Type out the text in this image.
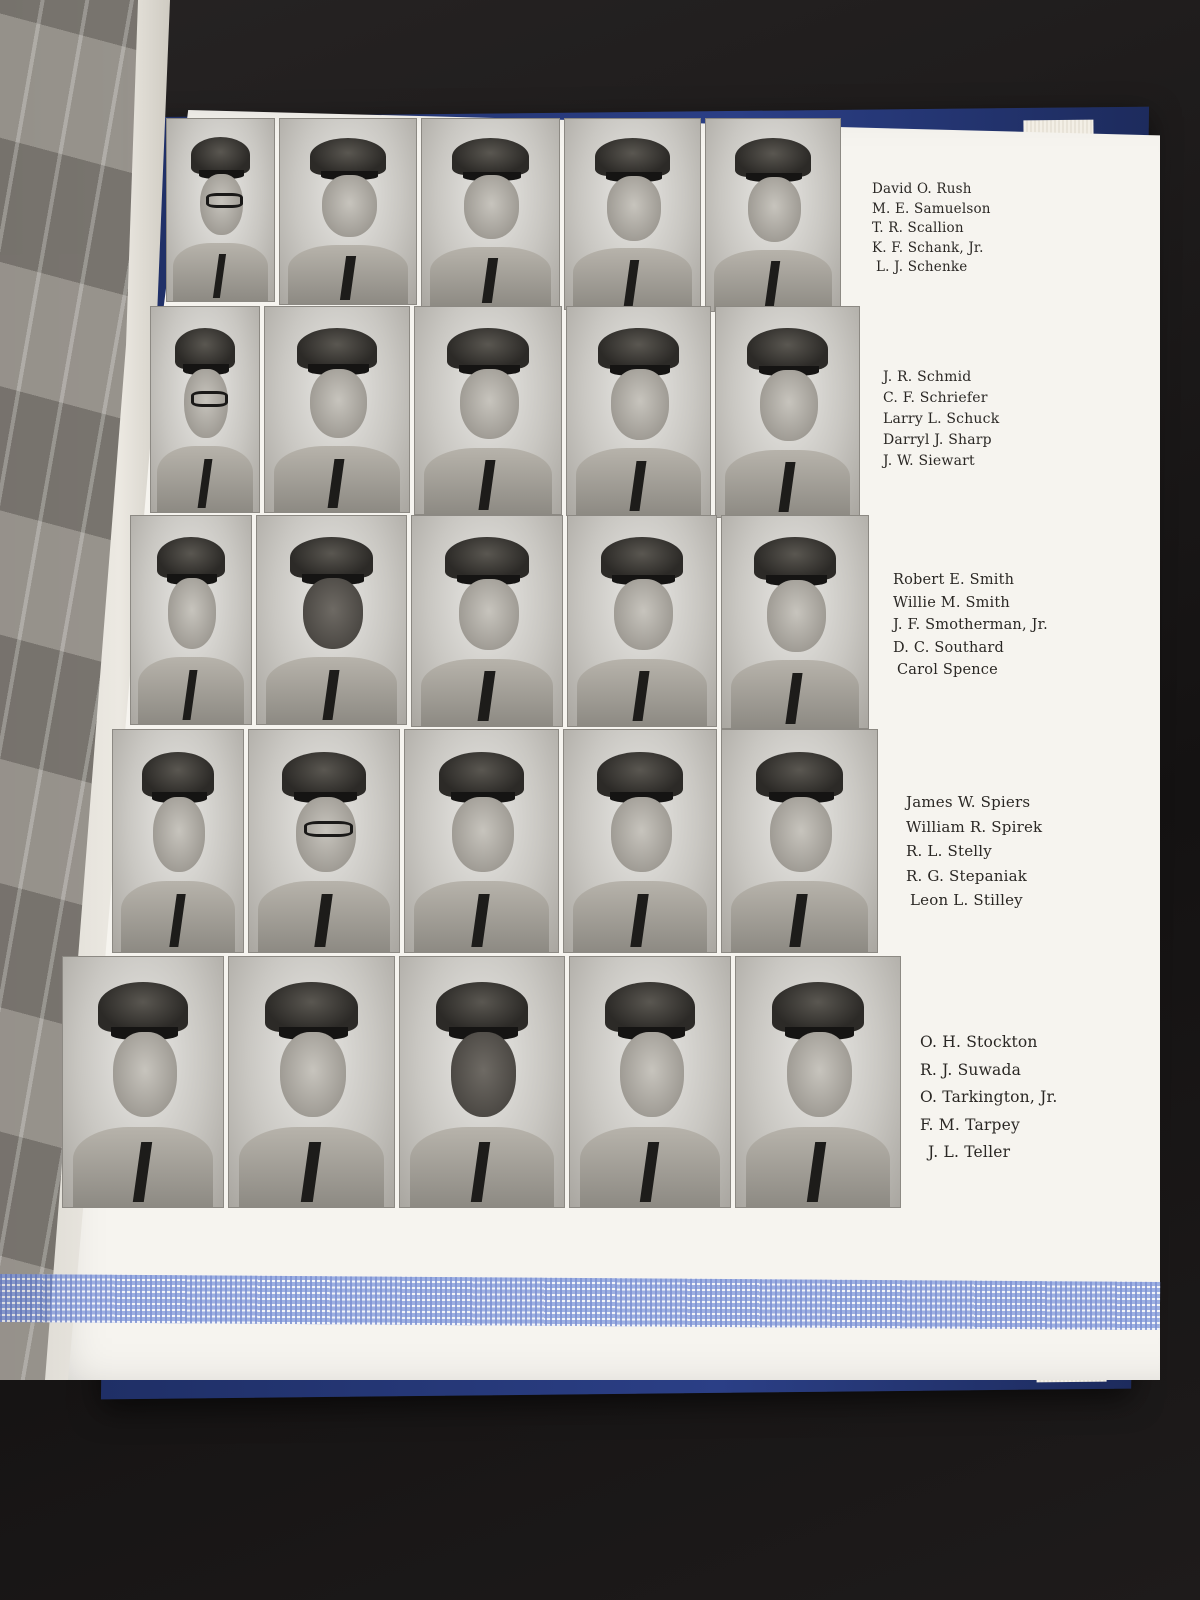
David O. Rush
M. E. Samuelson
T. R. Scallion
K. F. Schank, Jr.
L. J. Schenke
J. R. Schmid
C. F. Schriefer
Larry L. Schuck
Darryl J. Sharp
J. W. Siewart
Robert E. Smith
Willie M. Smith
J. F. Smotherman, Jr.
D. C. Southard
Carol Spence
James W. Spiers
William R. Spirek
R. L. Stelly
R. G. Stepaniak
Leon L. Stilley
O. H. Stockton
R. J. Suwada
O. Tarkington, Jr.
F. M. Tarpey
J. L. Teller
